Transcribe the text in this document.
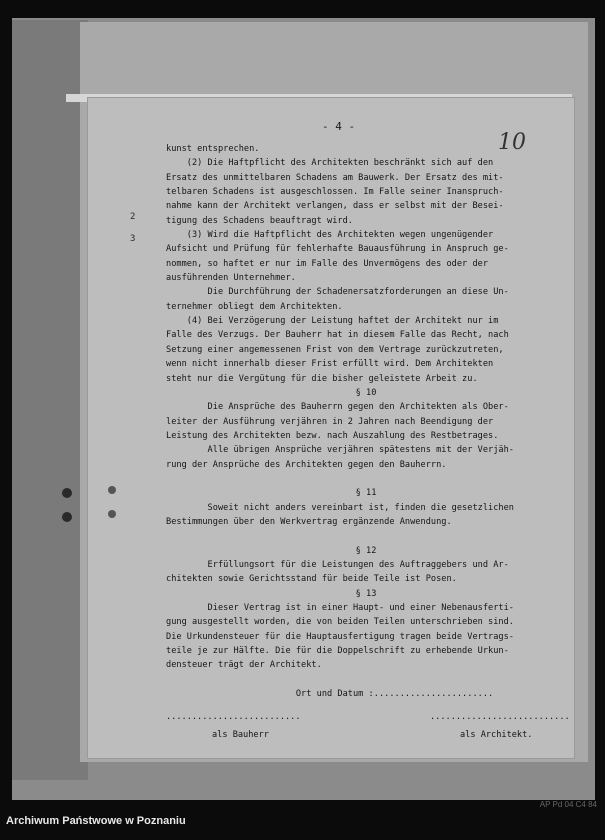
- 4 -
10
2
3
kunst entsprechen.
(2) Die Haftpflicht des Architekten beschränkt sich auf den
Ersatz des unmittelbaren Schadens am Bauwerk. Der Ersatz des mit-
telbaren Schadens ist ausgeschlossen. Im Falle seiner Inanspruch-
nahme kann der Architekt verlangen, dass er selbst mit der Besei-
tigung des Schadens beauftragt wird.
(3) Wird die Haftpflicht des Architekten wegen ungenügender
Aufsicht und Prüfung für fehlerhafte Bauausführung in Anspruch ge-
nommen, so haftet er nur im Falle des Unvermögens des oder der
ausführenden Unternehmer.
Die Durchführung der Schadenersatzforderungen an diese Un-
ternehmer obliegt dem Architekten.
(4) Bei Verzögerung der Leistung haftet der Architekt nur im
Falle des Verzugs. Der Bauherr hat in diesem Falle das Recht, nach
Setzung einer angemessenen Frist von dem Vertrage zurückzutreten,
wenn nicht innerhalb dieser Frist erfüllt wird. Dem Architekten
steht nur die Vergütung für die bisher geleistete Arbeit zu.
§ 10
Die Ansprüche des Bauherrn gegen den Architekten als Ober-
leiter der Ausführung verjähren in 2 Jahren nach Beendigung der
Leistung des Architekten bezw. nach Auszahlung des Restbetrages.
Alle übrigen Ansprüche verjähren spätestens mit der Verjäh-
rung der Ansprüche des Architekten gegen den Bauherrn.

§ 11
Soweit nicht anders vereinbart ist, finden die gesetzlichen
Bestimmungen über den Werkvertrag ergänzende Anwendung.

§ 12
Erfüllungsort für die Leistungen des Auftraggebers und Ar-
chitekten sowie Gerichtsstand für beide Teile ist Posen.
§ 13
Dieser Vertrag ist in einer Haupt- und einer Nebenausferti-
gung ausgestellt worden, die von beiden Teilen unterschrieben sind.
Die Urkundensteuer für die Hauptausfertigung tragen beide Vertrags-
teile je zur Hälfte. Die für die Doppelschrift zu erhebende Urkun-
densteuer trägt der Architekt.

Ort und Datum :.......................
..........................	...........................
als Bauherr	als Architekt.
Archiwum Państwowe w Poznaniu
AP Pd 04 C4 84
